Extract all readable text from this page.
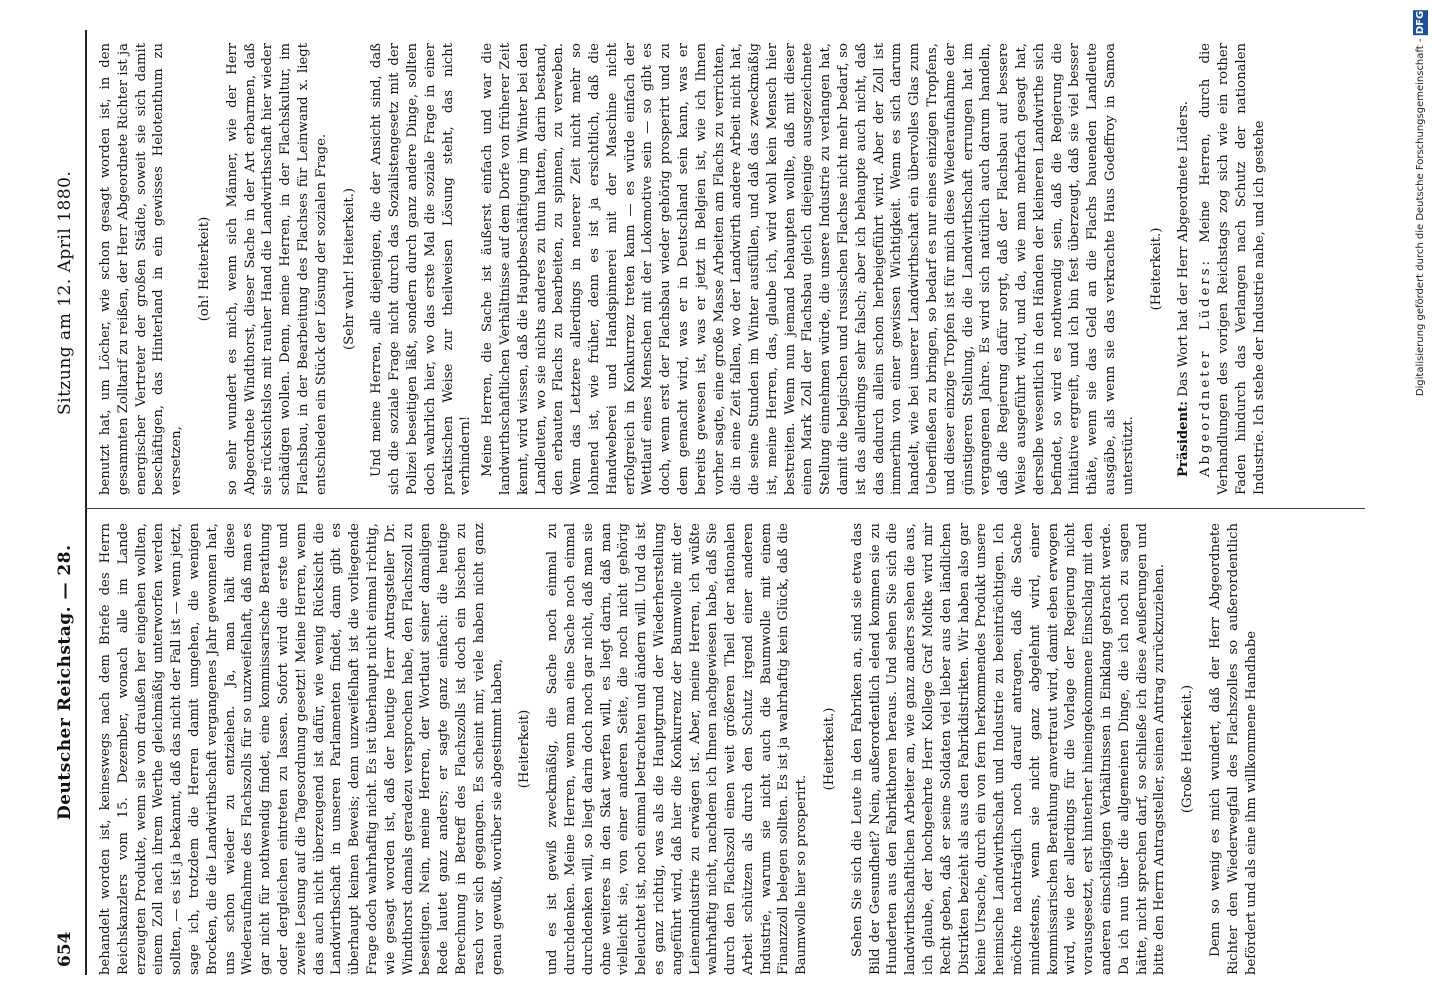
654
Deutscher Reichstag. — 28.
Sitzung am 12. April 1880.

behandelt worden ist, keineswegs nach dem Briefe des Herrn Reichskanzlers vom 15. Dezember, wonach alle im Lande erzeugten Produkte, wenn sie von draußen her eingehen wollten, einem Zoll nach ihrem Werthe gleichmäßig unterworfen werden sollten, — es ist ja bekannt, daß das nicht der Fall ist — wenn jetzt, sage ich, trotzdem die Herren damit umgehen, die wenigen Brocken, die die Landwirthschaft vergangenes Jahr gewonnen hat, uns schon wieder zu entziehen. Ja, man hält diese Wiederaufnahme des Flachszolls für so unzweifelhaft, daß man es gar nicht für nothwendig findet, eine kommissarische Berathung oder dergleichen eintreten zu lassen. Sofort wird die erste und zweite Lesung auf die Tagesordnung gesetzt! Meine Herren, wenn das auch nicht überzeugend ist dafür, wie wenig Rücksicht die Landwirthschaft in unseren Parlamenten findet, dann gibt es überhaupt keinen Beweis; denn unzweifelhaft ist die vorliegende Frage doch wahrhaftig nicht. Es ist überhaupt nicht einmal richtig, wie gesagt worden ist, daß der heutige Herr Antragsteller Dr. Windthorst damals geradezu versprochen habe, den Flachszoll zu beseitigen. Nein, meine Herren, der Wortlaut seiner damaligen Rede lautet ganz anders; er sagte ganz einfach: die heutige Berechnung in Betreff des Flachszolls ist doch ein bischen zu rasch vor sich gegangen. Es scheint mir, viele haben nicht ganz genau gewußt, worüber sie abgestimmt haben, (Heiterkeit) und es ist gewiß zweckmäßig, die Sache noch einmal zu durchdenken. Meine Herren, wenn man eine Sache noch einmal durchdenken will, so liegt darin doch noch gar nicht, daß man sie ohne weiteres in den Skat werfen will, es liegt darin, daß man vielleicht sie, von einer anderen Seite, die noch nicht gehörig beleuchtet ist, noch einmal betrachten und ändern will. Und da ist es ganz richtig, was als die Hauptgrund der Wiederherstellung angeführt wird, daß hier die Konkurrenz der Baumwolle mit der Leinenindustrie zu erwägen ist. Aber, meine Herren, ich wüßte wahrhaftig nicht, nachdem ich Ihnen nachgewiesen habe, daß Sie durch den Flachszoll einen weit größeren Theil der nationalen Arbeit schützen als durch den Schutz irgend einer anderen Industrie, warum sie nicht auch die Baumwolle mit einem Finanzzoll belegen sollten. Es ist ja wahrhaftig kein Glück, daß die Baumwolle hier so prosperirt.

(Heiterkeit.) Sehen Sie sich die Leute in den Fabriken an, sind sie etwa das Bild der Gesundheit? Nein, außerordentlich elend kommen sie zu Hunderten aus den Fabrikthoren heraus. Und sehen Sie sich die landwirthschaftlichen Arbeiter an, wie ganz anders sehen die aus, ich glaube, der hochgeehrte Herr Kollege Graf Moltke wird mir Recht geben, daß er seine Soldaten viel lieber aus den ländlichen Distrikten bezieht als aus den Fabrikdistrikten. Wir haben also gar keine Ursache, durch ein von fern herkommendes Produkt unsere heimische Landwirthschaft und Industrie zu beeinträchtigen. Ich möchte nachträglich noch darauf antragen, daß die Sache mindestens, wenn sie nicht ganz abgelehnt wird, einer kommissarischen Berathung anvertraut wird, damit eben erwogen wird, wie der allerdings für die Vorlage der Regierung nicht vorausgesetzt, erst hinterher hineingekommene Einschlag mit den anderen einschlägigen Verhältnissen in Einklang gebracht werde. Da ich nun über die allgemeinen Dinge, die ich noch zu sagen hätte, nicht sprechen darf, so schließe ich diese Aeußerungen und bitte den Herrn Antragsteller, seinen Antrag zurückzuziehen. (Große Heiterkeit.) Denn so wenig es mich wundert, daß der Herr Abgeordnete Richter den Wiederwegfall des Flachszolles so außerordentlich befördert und als eine ihm willkommene Handhabe

benutzt hat, um Löcher, wie schon gesagt worden ist, in den gesammten Zolltarif zu reißen, der Herr Abgeordnete Richter ist ja energischer Vertreter der großen Städte, soweit sie sich damit beschäftigen, das Hinterland in ein gewisses Helotenthum zu versetzen,

(oh! Heiterkeit) so sehr wundert es mich, wenn sich Männer, wie der Herr Abgeordnete Windthorst, dieser Sache in der Art erbarmen, daß sie rücksichtslos mit rauher Hand die Landwirthschaft hier wieder schädigen wollen. Denn, meine Herren, in der Flachskultur, im Flachsbau, in der Bearbeitung des Flachses für Leinwand x. liegt entschieden ein Stück der Lösung der sozialen Frage. (Sehr wahr! Heiterkeit.) Und meine Herren, alle diejenigen, die der Ansicht sind, daß sich die soziale Frage nicht durch das Sozialistengesetz mit der Polizei beseitigen läßt, sondern durch ganz andere Dinge, sollten doch wahrlich hier, wo das erste Mal die soziale Frage in einer praktischen Weise zur theilweisen Lösung steht, das nicht verhindern! Meine Herren, die Sache ist äußerst einfach und war die landwirthschaftlichen Verhältnisse auf dem Dorfe von früherer Zeit kennt, wird wissen, daß die Hauptbeschäftigung im Winter bei den Landleuten, wo sie nichts anderes zu thun hatten, darin bestand, den erbauten Flachs zu bearbeiten, zu spinnen, zu verweben. Wenn das Letztere allerdings in neuerer Zeit nicht mehr so lohnend ist, wie früher, denn es ist ja ersichtlich, daß die Handweberei und Handspinnerei mit der Maschine nicht erfolgreich in Konkurrenz treten kann — es würde einfach der Wettlauf eines Menschen mit der Lokomotive sein — so gibt es doch, wenn erst der Flachsbau wieder gehörig prosperirt und zu dem gemacht wird, was er in Deutschland sein kann, was er bereits gewesen ist, was er jetzt in Belgien ist, wie ich Ihnen vorher sagte, eine große Masse Arbeiten am Flachs zu verrichten, die in eine Zeit fallen, wo der Landwirth andere Arbeit nicht hat, die seine Stunden im Winter ausfüllen, und daß das zweckmäßig ist, meine Herren, das, glaube ich, wird wohl kein Mensch hier bestreiten. Wenn nun jemand behaupten wollte, daß mit dieser einen Mark Zoll der Flachsbau gleich diejenige ausgezeichnete Stellung einnehmen würde, die unsere Industrie zu verlangen hat, damit die belgischen und russischen Flachse nicht mehr bedarf, so ist das allerdings sehr falsch; aber ich behaupte auch nicht, daß das dadurch allein schon herbeigeführt wird. Aber der Zoll ist immerhin von einer gewissen Wichtigkeit. Wenn es sich darum handelt, wie bei unserer Landwirthschaft ein übervolles Glas zum Ueberfließen zu bringen, so bedarf es nur eines einzigen Tropfens, und dieser einzige Tropfen ist für mich diese Wiederaufnahme der günstigeren Stellung, die die Landwirthschaft errungen hat im vergangenen Jahre. Es wird sich natürlich auch darum handeln, daß die Regierung dafür sorgt, daß der Flachsbau auf bessere Weise ausgeführt wird, und da, wie man mehrfach gesagt hat, derselbe wesentlich in den Händen der kleineren Landwirthe sich befindet, so wird es nothwendig sein, daß die Regierung die Initiative ergreift, und ich bin fest überzeugt, daß sie viel besser thäte, wenn sie das Geld an die Flachs bauenden Landleute ausgäbe, als wenn sie das verkrachte Haus Godeffroy in Samoa unterstützt.

(Heiterkeit.)

Präsident: Das Wort hat der Herr Abgeordnete Lüders. Abgeordneter Lüders: Meine Herren, durch die Verhandlungen des vorigen Reichstags zog sich wie ein rother Faden hindurch das Verlangen nach Schutz der nationalen Industrie. Ich stehe der Industrie nahe, und ich gestehe	Digitalisierung gefördert durch die Deutsche Forschungsgemeinschaft - DFG
